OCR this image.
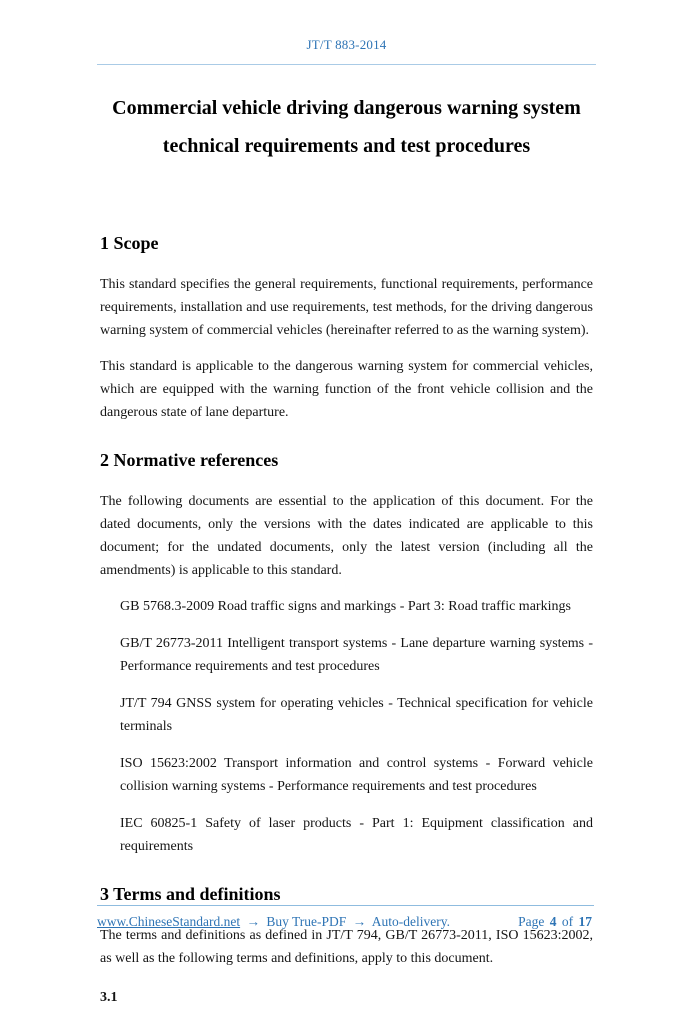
JT/T 883-2014
Commercial vehicle driving dangerous warning system
technical requirements and test procedures
1 Scope

This standard specifies the general requirements, functional requirements, performance requirements, installation and use requirements, test methods, for the driving dangerous warning system of commercial vehicles (hereinafter referred to as the warning system).

This standard is applicable to the dangerous warning system for commercial vehicles, which are equipped with the warning function of the front vehicle collision and the dangerous state of lane departure.

2 Normative references

The following documents are essential to the application of this document. For the dated documents, only the versions with the dates indicated are applicable to this document; for the undated documents, only the latest version (including all the amendments) is applicable to this standard.

GB 5768.3-2009 Road traffic signs and markings - Part 3: Road traffic markings

GB/T 26773-2011 Intelligent transport systems - Lane departure warning systems - Performance requirements and test procedures

JT/T 794 GNSS system for operating vehicles - Technical specification for vehicle terminals

ISO 15623:2002 Transport information and control systems - Forward vehicle collision warning systems - Performance requirements and test procedures

IEC 60825-1 Safety of laser products - Part 1: Equipment classification and requirements

3 Terms and definitions

The terms and definitions as defined in JT/T 794, GB/T 26773-2011, ISO 15623:2002, as well as the following terms and definitions, apply to this document.

3.1

www.ChineseStandard.net → Buy True-PDF → Auto-delivery.	Page 4 of 17
